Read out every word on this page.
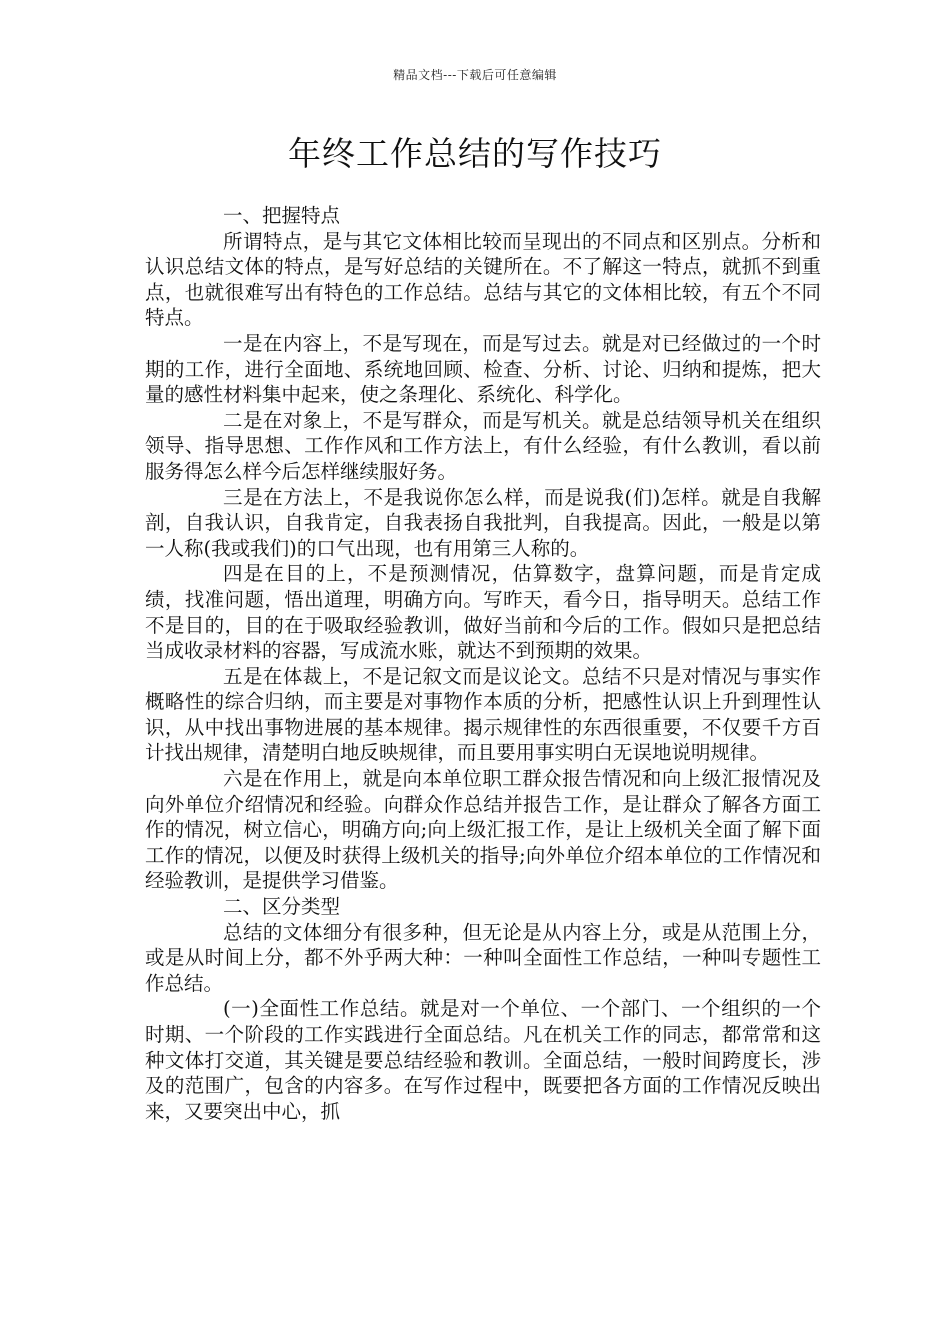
精品文档---下载后可任意编辑
年终工作总结的写作技巧

一、把握特点

所谓特点，是与其它文体相比较而呈现出的不同点和区别点。分析和认识总结文体的特点，是写好总结的关键所在。不了解这一特点，就抓不到重点，也就很难写出有特色的工作总结。总结与其它的文体相比较，有五个不同特点。

一是在内容上，不是写现在，而是写过去。就是对已经做过的一个时期的工作，进行全面地、系统地回顾、检查、分析、讨论、归纳和提炼，把大量的感性材料集中起来，使之条理化、系统化、科学化。

二是在对象上，不是写群众，而是写机关。就是总结领导机关在组织领导、指导思想、工作作风和工作方法上，有什么经验，有什么教训，看以前服务得怎么样今后怎样继续服好务。

三是在方法上，不是我说你怎么样，而是说我(们)怎样。就是自我解剖，自我认识，自我肯定，自我表扬自我批判，自我提高。因此，一般是以第一人称(我或我们)的口气出现，也有用第三人称的。

四是在目的上，不是预测情况，估算数字，盘算问题，而是肯定成绩，找准问题，悟出道理，明确方向。写昨天，看今日，指导明天。总结工作不是目的，目的在于吸取经验教训，做好当前和今后的工作。假如只是把总结当成收录材料的容器，写成流水账，就达不到预期的效果。

五是在体裁上，不是记叙文而是议论文。总结不只是对情况与事实作概略性的综合归纳，而主要是对事物作本质的分析，把感性认识上升到理性认识，从中找出事物进展的基本规律。揭示规律性的东西很重要，不仅要千方百计找出规律，清楚明白地反映规律，而且要用事实明白无误地说明规律。

六是在作用上，就是向本单位职工群众报告情况和向上级汇报情况及向外单位介绍情况和经验。向群众作总结并报告工作，是让群众了解各方面工作的情况，树立信心，明确方向;向上级汇报工作，是让上级机关全面了解下面工作的情况，以便及时获得上级机关的指导;向外单位介绍本单位的工作情况和经验教训，是提供学习借鉴。

二、区分类型

总结的文体细分有很多种，但无论是从内容上分，或是从范围上分，或是从时间上分，都不外乎两大种：一种叫全面性工作总结，一种叫专题性工作总结。

(一)全面性工作总结。就是对一个单位、一个部门、一个组织的一个时期、一个阶段的工作实践进行全面总结。凡在机关工作的同志，都常常和这种文体打交道，其关键是要总结经验和教训。全面总结，一般时间跨度长，涉及的范围广，包含的内容多。在写作过程中，既要把各方面的工作情况反映出来，又要突出中心，抓
